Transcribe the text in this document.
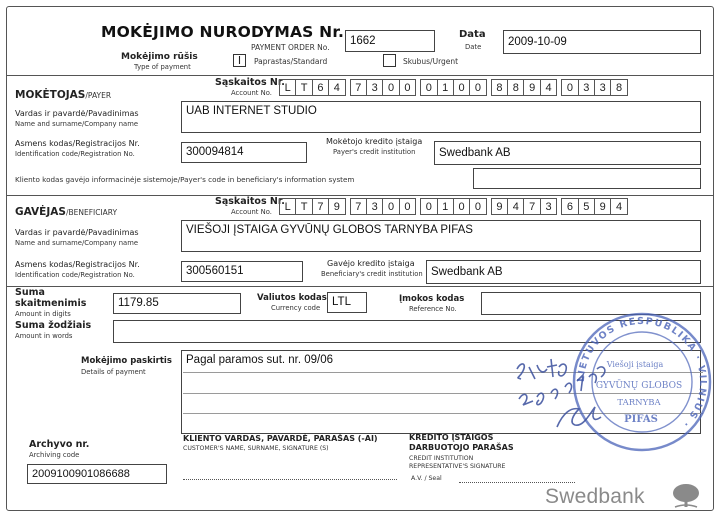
MOKĖJIMO NURODYMAS Nr.
PAYMENT ORDER No.
1662
Data
Date	2009-10-09
Mokėjimo rūšis
Type of payment	I	Paprastas/Standard	Skubus/Urgent
MOKĖTOJAS/PAYER
Sąskaitos Nr.
Account No.	L T 6 4	7 3 0 0	0 1 0 0	8 8 9 4	0 3 3 8
Vardas ir pavardė/Pavadinimas
Name and surname/Company name
UAB INTERNET STUDIO
Asmens kodas/Registracijos Nr.
Identification code/Registration No.	300094814
Mokėtojo kredito įstaiga
Payer's credit institution	Swedbank AB
Kliento kodas gavėjo informacinėje sistemoje/Payer's code in beneficiary's information system
GAVĖJAS/BENEFICIARY
Sąskaitos Nr.
Account No.	L T 7 9	7 3 0 0	0 1 0 0	9 4 7 3	6 5 9 4
Vardas ir pavardė/Pavadinimas
Name and surname/Company name
VIEŠOJI ĮSTAIGA GYVŪNŲ GLOBOS TARNYBA PIFAS
Asmens kodas/Registracijos Nr.
Identification code/Registration No.	300560151
Gavėjo kredito įstaiga
Beneficiary's credit institution Swedbank AB
Suma
skaitmenimis
Amount in digits
1179.85	Valiutos kodas
Currency code	LTL	Įmokos kodas
Reference No.
Suma žodžiais
Amount in words
Mokėjimo paskirtis
Details of payment
Pagal paramos sut. nr. 09/06
Archyvo nr.
Archiving code
2009100901086688
KLIENTO VARDAS, PAVARDĖ, PARAŠAS (-AI)
CUSTOMER'S NAME, SURNAME, SIGNATURE (S)
KREDITO ĮSTAIGOS
DARBUOTOJO PARAŠAS
CREDIT INSTITUTION
REPRESENTATIVE'S SIGNATURE
A.V. / Seal
LIETUVOS RESPUBLIKA · VILNIUS ·
Viešoji įstaiga
GYVŪNŲ GLOBOS
TARNYBA
PIFAS
Swedbank
